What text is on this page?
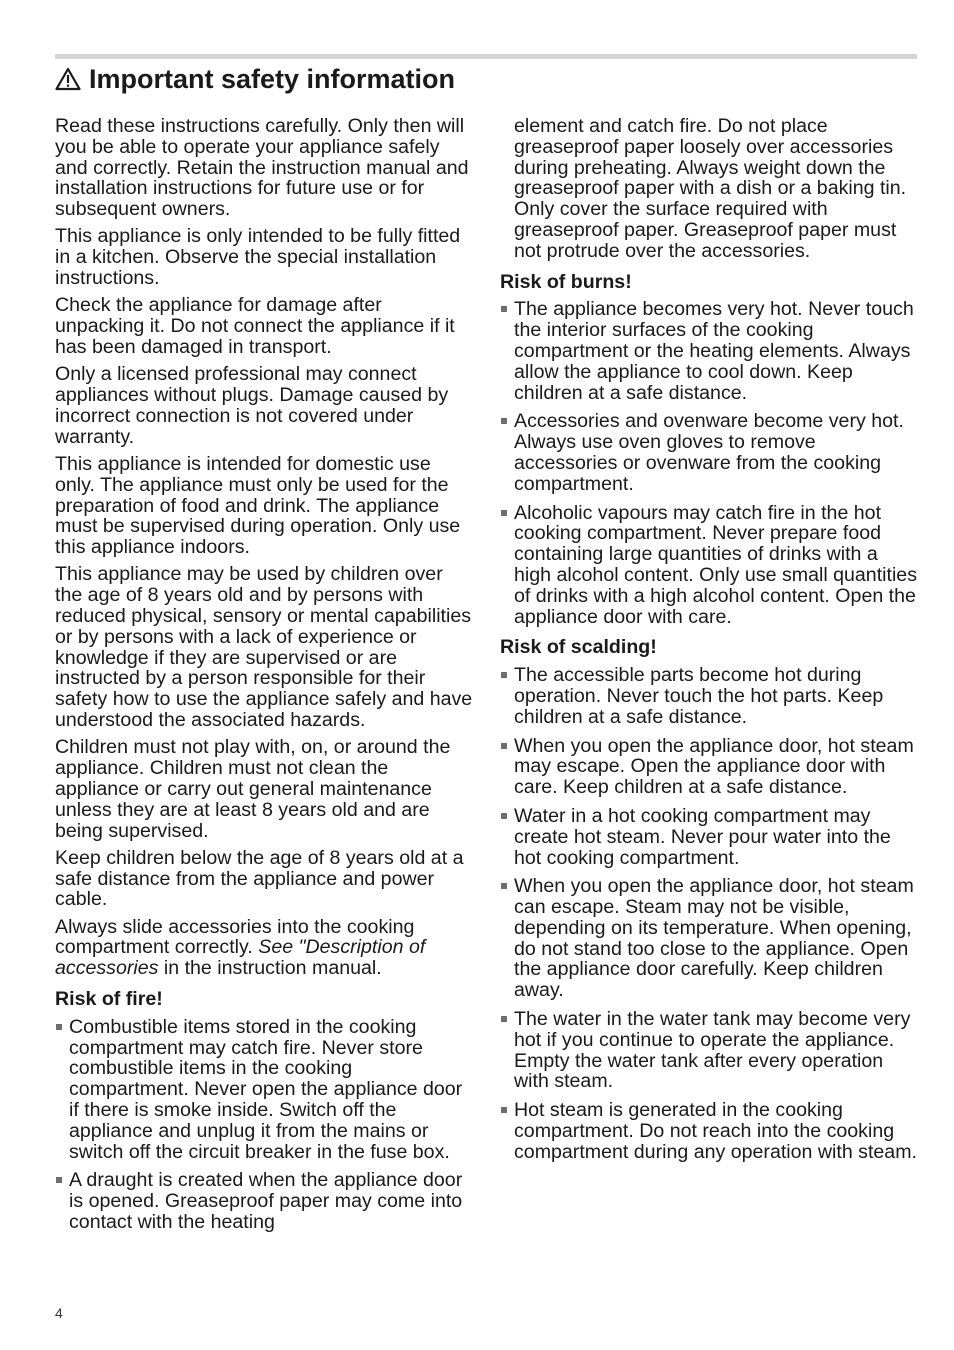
Important safety information

Read these instructions carefully. Only then will you be able to operate your appliance safely and correctly. Retain the instruction manual and installation instructions for future use or for subsequent owners.

This appliance is only intended to be fully fitted in a kitchen. Observe the special installation instructions.

Check the appliance for damage after unpacking it. Do not connect the appliance if it has been damaged in transport.

Only a licensed professional may connect appliances without plugs. Damage caused by incorrect connection is not covered under warranty.

This appliance is intended for domestic use only. The appliance must only be used for the preparation of food and drink. The appliance must be supervised during operation. Only use this appliance indoors.

This appliance may be used by children over the age of 8 years old and by persons with reduced physical, sensory or mental capabilities or by persons with a lack of experience or knowledge if they are supervised or are instructed by a person responsible for their safety how to use the appliance safely and have understood the associated hazards.

Children must not play with, on, or around the appliance. Children must not clean the appliance or carry out general maintenance unless they are at least 8 years old and are being supervised.

Keep children below the age of 8 years old at a safe distance from the appliance and power cable.

Always slide accessories into the cooking compartment correctly. See "Description of accessories in the instruction manual.

Risk of fire!
Combustible items stored in the cooking compartment may catch fire. Never store combustible items in the cooking compartment. Never open the appliance door if there is smoke inside. Switch off the appliance and unplug it from the mains or switch off the circuit breaker in the fuse box.
A draught is created when the appliance door is opened. Greaseproof paper may come into contact with the heating
element and catch fire. Do not place greaseproof paper loosely over accessories during preheating. Always weight down the greaseproof paper with a dish or a baking tin. Only cover the surface required with greaseproof paper. Greaseproof paper must not protrude over the accessories.
Risk of burns!
The appliance becomes very hot. Never touch the interior surfaces of the cooking compartment or the heating elements. Always allow the appliance to cool down. Keep children at a safe distance.
Accessories and ovenware become very hot. Always use oven gloves to remove accessories or ovenware from the cooking compartment.
Alcoholic vapours may catch fire in the hot cooking compartment. Never prepare food containing large quantities of drinks with a high alcohol content. Only use small quantities of drinks with a high alcohol content. Open the appliance door with care.
Risk of scalding!
The accessible parts become hot during operation. Never touch the hot parts. Keep children at a safe distance.
When you open the appliance door, hot steam may escape. Open the appliance door with care. Keep children at a safe distance.
Water in a hot cooking compartment may create hot steam. Never pour water into the hot cooking compartment.
When you open the appliance door, hot steam can escape. Steam may not be visible, depending on its temperature. When opening, do not stand too close to the appliance. Open the appliance door carefully. Keep children away.
The water in the water tank may become very hot if you continue to operate the appliance. Empty the water tank after every operation with steam.
Hot steam is generated in the cooking compartment. Do not reach into the cooking compartment during any operation with steam.
4
